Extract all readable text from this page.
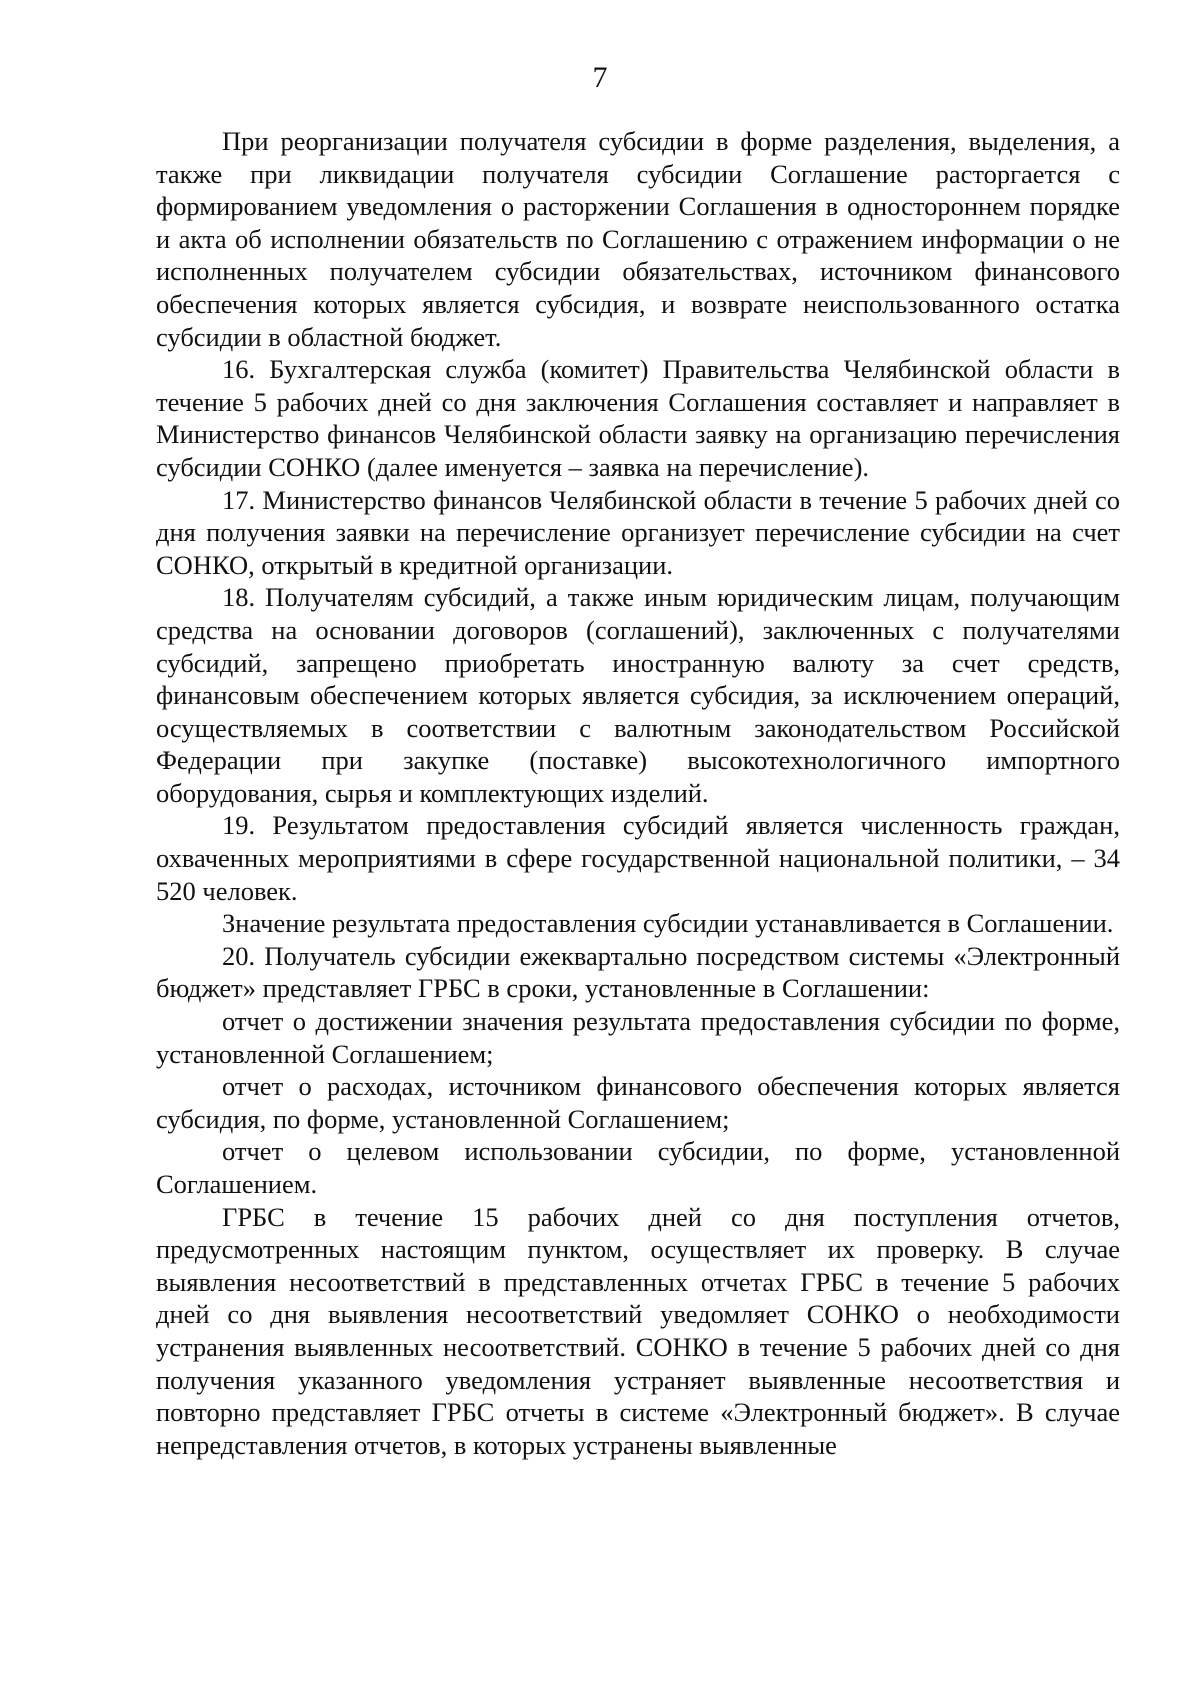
7

При реорганизации получателя субсидии в форме разделения, выделения, а также при ликвидации получателя субсидии Соглашение расторгается с формированием уведомления о расторжении Соглашения в одностороннем порядке и акта об исполнении обязательств по Соглашению с отражением информации о не исполненных получателем субсидии обязательствах, источником финансового обеспечения которых является субсидия, и возврате неиспользованного остатка субсидии в областной бюджет.

16. Бухгалтерская служба (комитет) Правительства Челябинской области в течение 5 рабочих дней со дня заключения Соглашения составляет и направляет в Министерство финансов Челябинской области заявку на организацию перечисления субсидии СОНКО (далее именуется – заявка на перечисление).

17. Министерство финансов Челябинской области в течение 5 рабочих дней со дня получения заявки на перечисление организует перечисление субсидии на счет СОНКО, открытый в кредитной организации.

18. Получателям субсидий, а также иным юридическим лицам, получающим средства на основании договоров (соглашений), заключенных с получателями субсидий, запрещено приобретать иностранную валюту за счет средств, финансовым обеспечением которых является субсидия, за исключением операций, осуществляемых в соответствии с валютным законодательством Российской Федерации при закупке (поставке) высокотехнологичного импортного оборудования, сырья и комплектующих изделий.

19. Результатом предоставления субсидий является численность граждан, охваченных мероприятиями в сфере государственной национальной политики, – 34 520 человек.

Значение результата предоставления субсидии устанавливается в Соглашении.

20. Получатель субсидии ежеквартально посредством системы «Электронный бюджет» представляет ГРБС в сроки, установленные в Соглашении:

отчет о достижении значения результата предоставления субсидии по форме, установленной Соглашением;

отчет о расходах, источником финансового обеспечения которых является субсидия, по форме, установленной Соглашением;

отчет о целевом использовании субсидии, по форме, установленной Соглашением.

ГРБС в течение 15 рабочих дней со дня поступления отчетов, предусмотренных настоящим пунктом, осуществляет их проверку. В случае выявления несоответствий в представленных отчетах ГРБС в течение 5 рабочих дней со дня выявления несоответствий уведомляет СОНКО о необходимости устранения выявленных несоответствий. СОНКО в течение 5 рабочих дней со дня получения указанного уведомления устраняет выявленные несоответствия и повторно представляет ГРБС отчеты в системе «Электронный бюджет». В случае непредставления отчетов, в которых устранены выявленные
